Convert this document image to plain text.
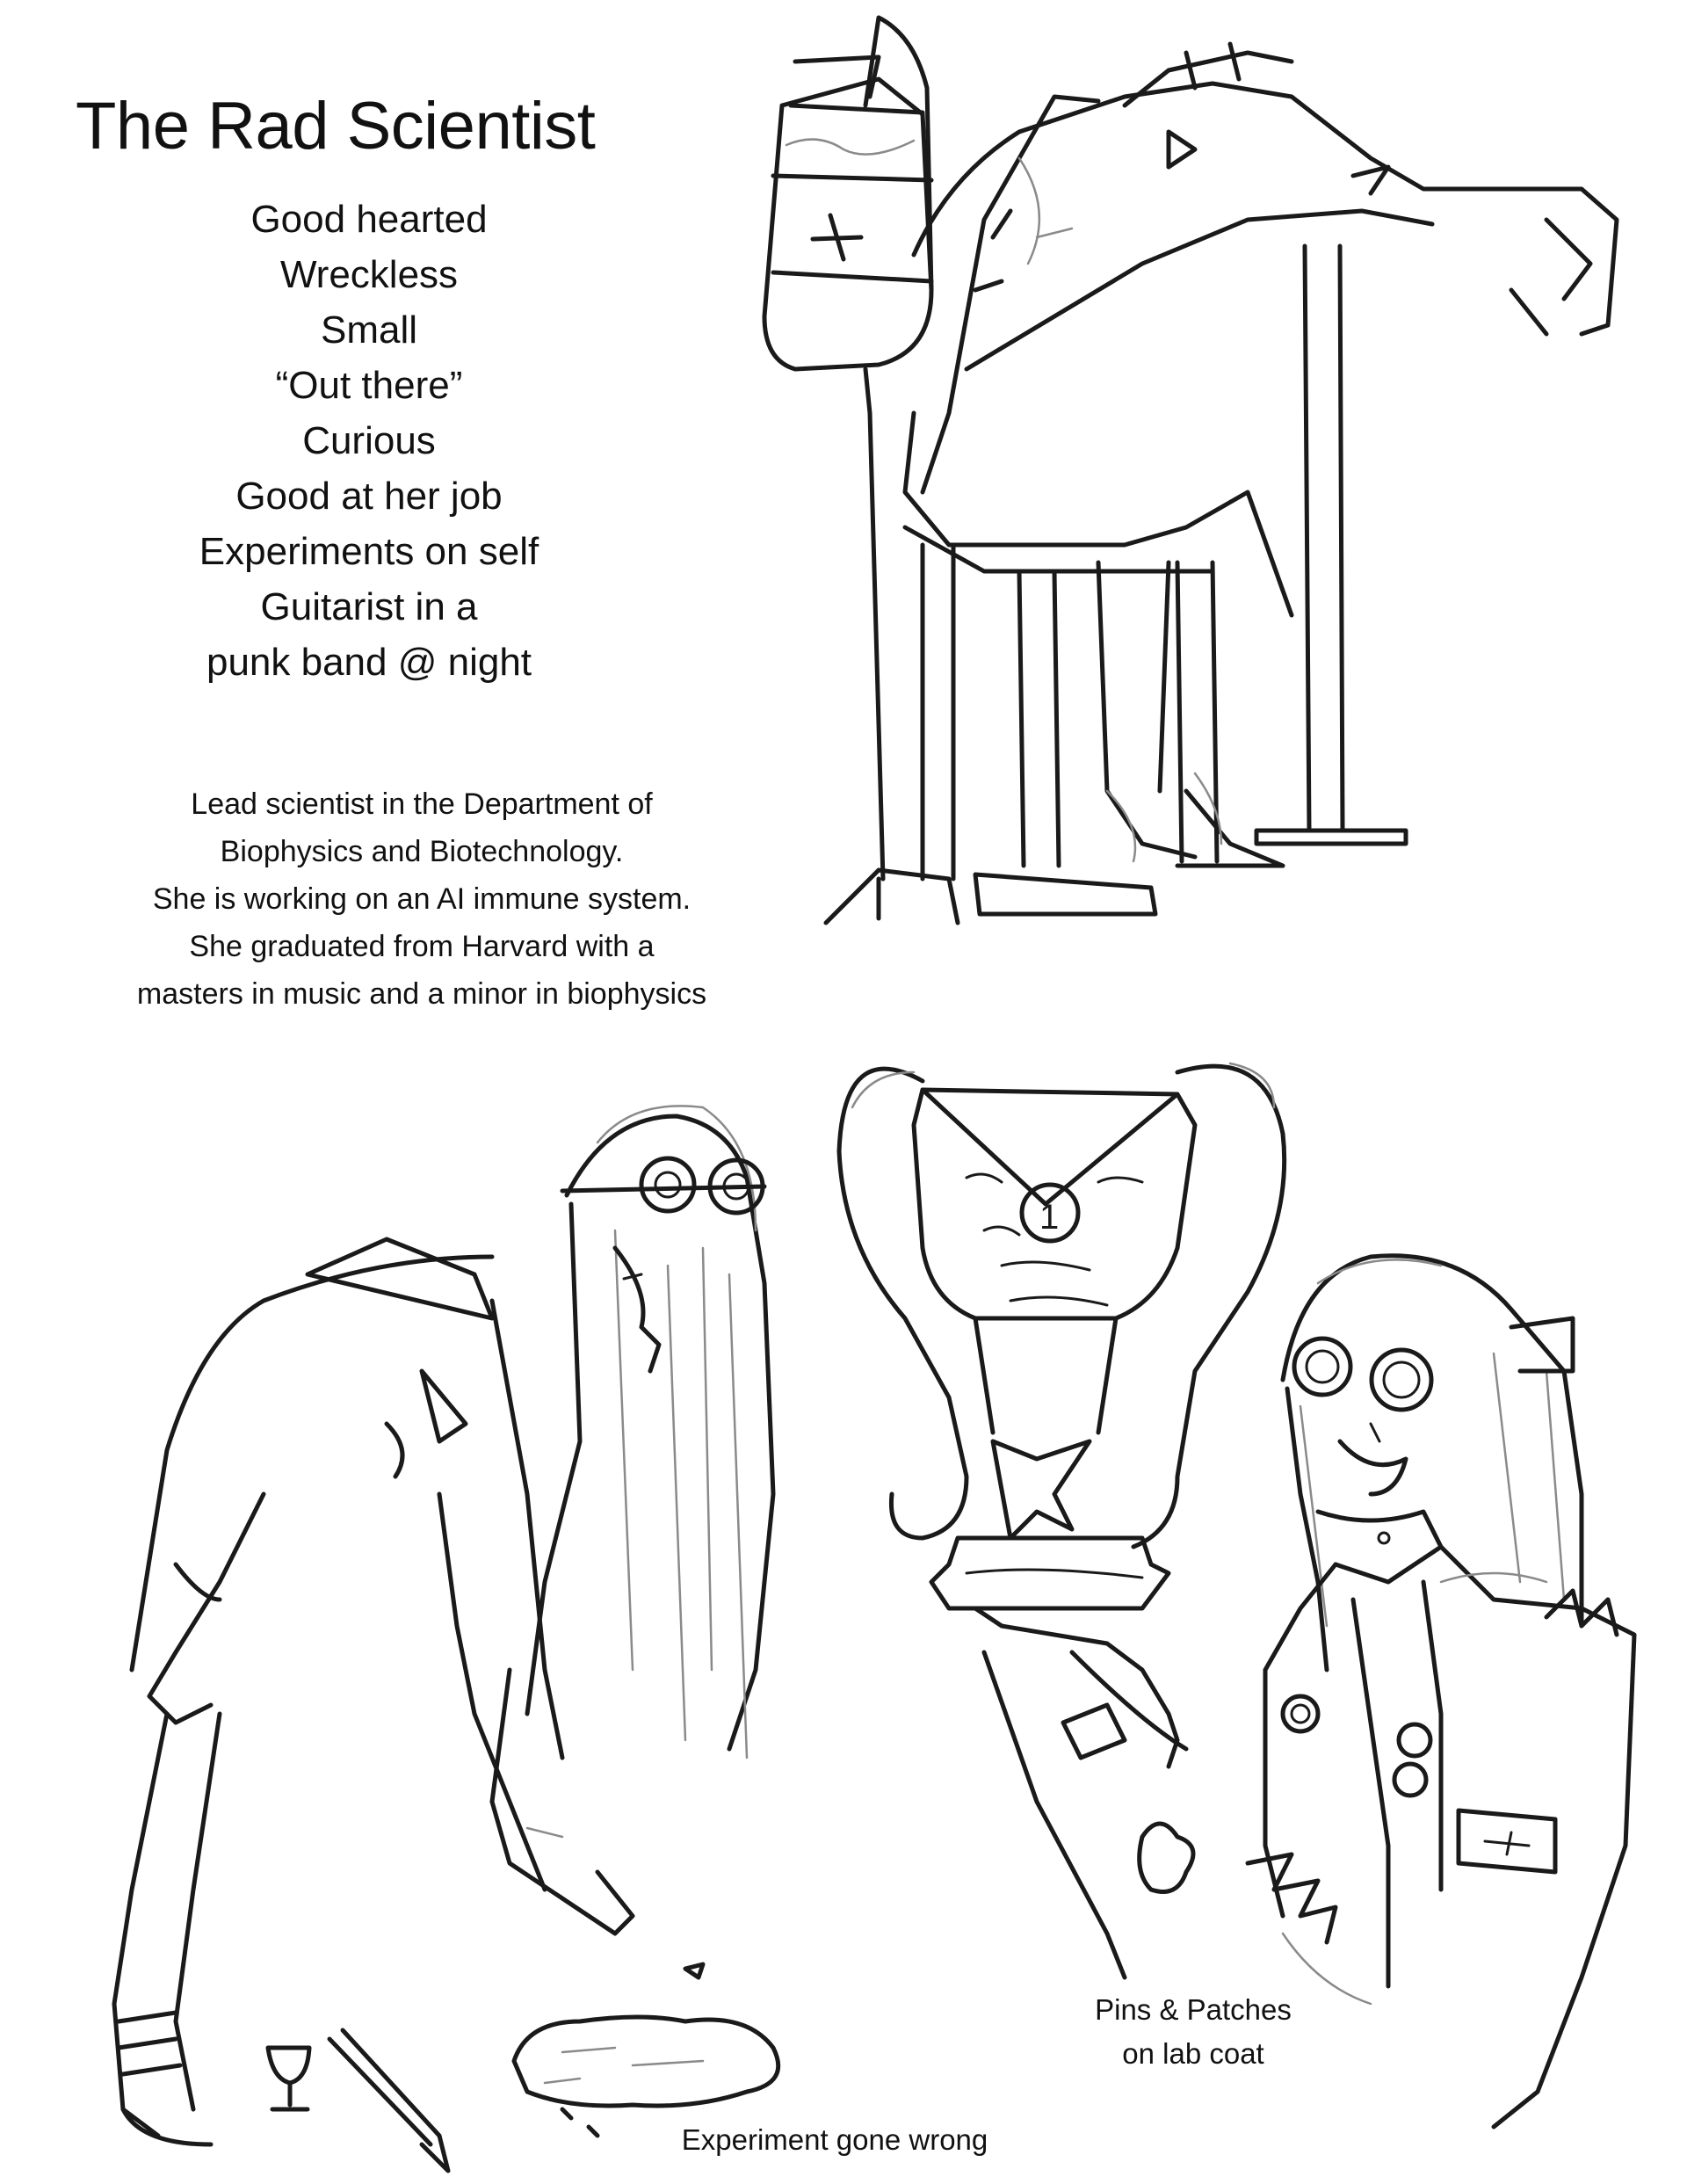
The Rad Scientist
Good hearted
Wreckless
Small
“Out there”
Curious
Good at her job
Experiments on self
Guitarist in a
punk band @ night
Lead scientist in the Department of
Biophysics and Biotechnology.
She is working on an AI immune system.
She graduated from Harvard with a
masters in music and a minor in biophysics
1
Pins & Patches
on lab coat
Experiment gone wrong
